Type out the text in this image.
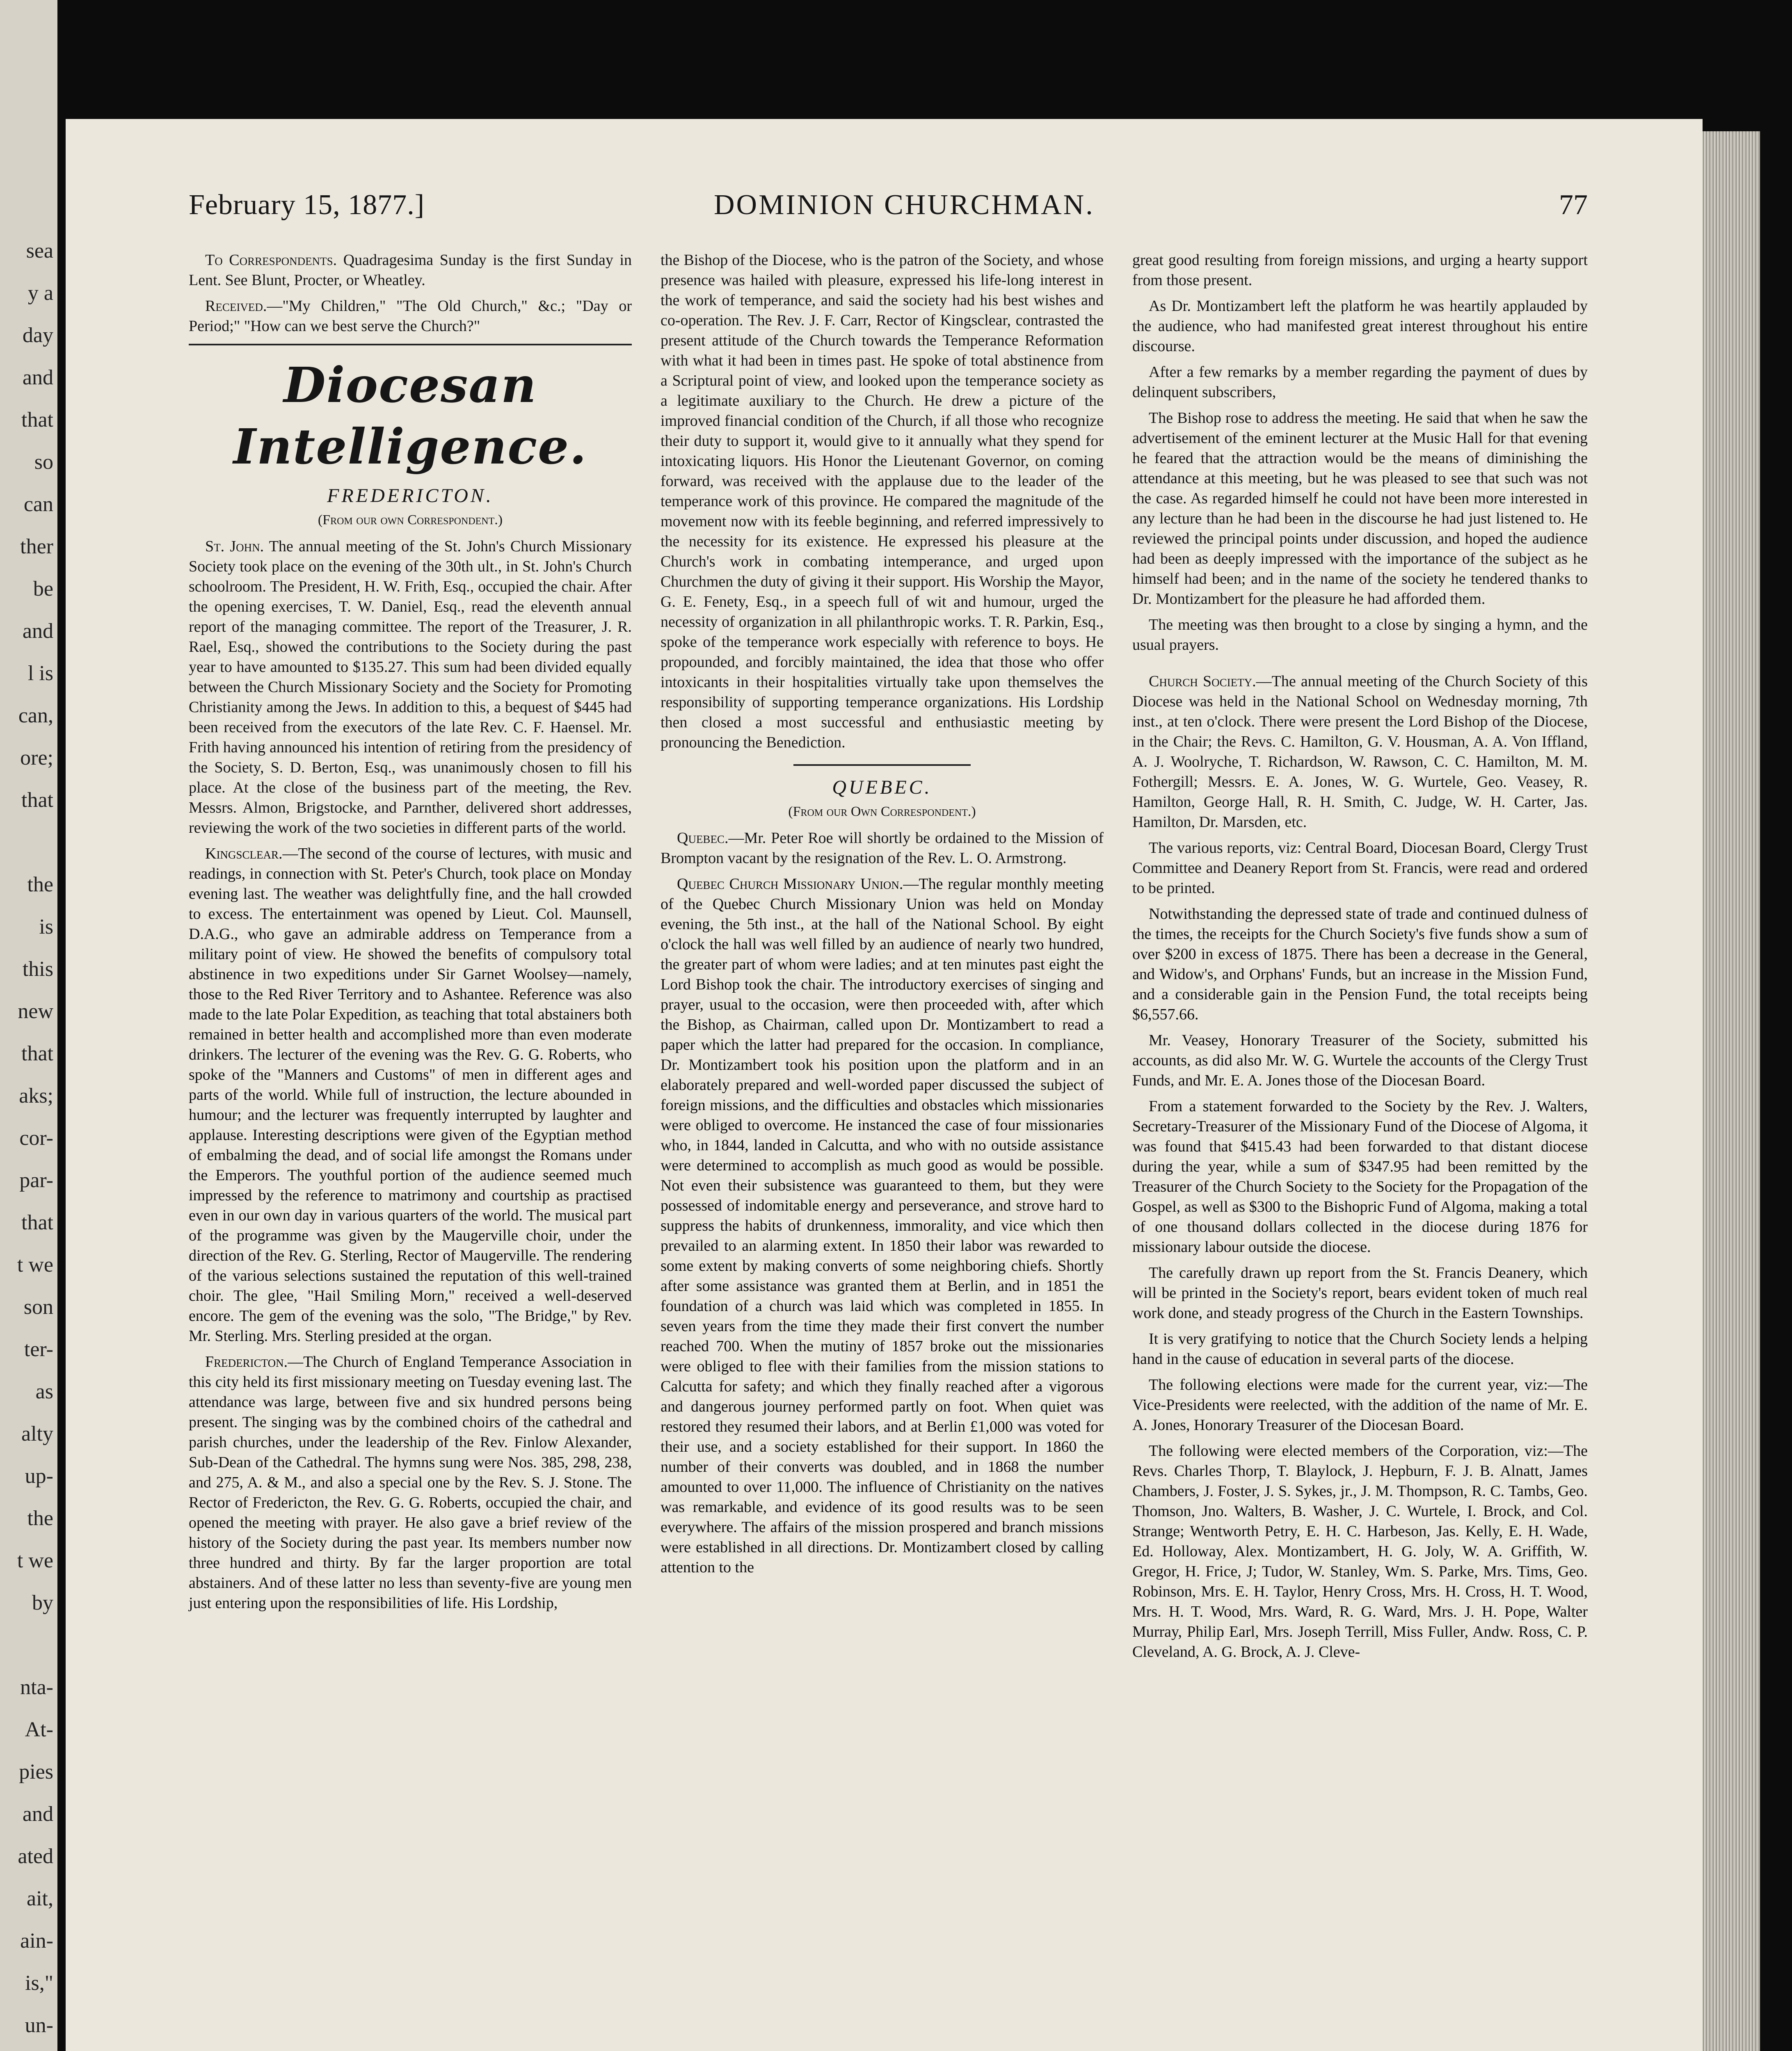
sea
y a
day
and
that
so
can
ther
be
and
l is
can,
ore;
that
the
is
this
new
that
aks;
cor-
par-
that
t we
son
ter-
as
alty
up-
the
t we
by
nta-
At-
pies
and
ated
ait,
ain-
is,"
un-
February 15, 1877.]	DOMINION CHURCHMAN.	77

To Correspondents. Quadragesima Sunday is the first Sunday in Lent. See Blunt, Procter, or Wheatley.

Received.—"My Children," "The Old Church," &c.; "Day or Period;" "How can we best serve the Church?"

Diocesan Intelligence.
FREDERICTON.
(From our own Correspondent.)

St. John. The annual meeting of the St. John's Church Missionary Society took place on the evening of the 30th ult., in St. John's Church schoolroom. The President, H. W. Frith, Esq., occupied the chair. After the opening exercises, T. W. Daniel, Esq., read the eleventh annual report of the managing committee. The report of the Treasurer, J. R. Rael, Esq., showed the contributions to the Society during the past year to have amounted to $135.27. This sum had been divided equally between the Church Missionary Society and the Society for Promoting Christianity among the Jews. In addition to this, a bequest of $445 had been received from the executors of the late Rev. C. F. Haensel. Mr. Frith having announced his intention of retiring from the presidency of the Society, S. D. Berton, Esq., was unanimously chosen to fill his place. At the close of the business part of the meeting, the Rev. Messrs. Almon, Brigstocke, and Parnther, delivered short addresses, reviewing the work of the two societies in different parts of the world.

Kingsclear.—The second of the course of lectures, with music and readings, in connection with St. Peter's Church, took place on Monday evening last. The weather was delightfully fine, and the hall crowded to excess. The entertainment was opened by Lieut. Col. Maunsell, D.A.G., who gave an admirable address on Temperance from a military point of view. He showed the benefits of compulsory total abstinence in two expeditions under Sir Garnet Woolsey—namely, those to the Red River Territory and to Ashantee. Reference was also made to the late Polar Expedition, as teaching that total abstainers both remained in better health and accomplished more than even moderate drinkers. The lecturer of the evening was the Rev. G. G. Roberts, who spoke of the "Manners and Customs" of men in different ages and parts of the world. While full of instruction, the lecture abounded in humour; and the lecturer was frequently interrupted by laughter and applause. Interesting descriptions were given of the Egyptian method of embalming the dead, and of social life amongst the Romans under the Emperors. The youthful portion of the audience seemed much impressed by the reference to matrimony and courtship as practised even in our own day in various quarters of the world. The musical part of the programme was given by the Maugerville choir, under the direction of the Rev. G. Sterling, Rector of Maugerville. The rendering of the various selections sustained the reputation of this well-trained choir. The glee, "Hail Smiling Morn," received a well-deserved encore. The gem of the evening was the solo, "The Bridge," by Rev. Mr. Sterling. Mrs. Sterling presided at the organ.

Fredericton.—The Church of England Temperance Association in this city held its first missionary meeting on Tuesday evening last. The attendance was large, between five and six hundred persons being present. The singing was by the combined choirs of the cathedral and parish churches, under the leadership of the Rev. Finlow Alexander, Sub-Dean of the Cathedral. The hymns sung were Nos. 385, 298, 238, and 275, A. & M., and also a special one by the Rev. S. J. Stone. The Rector of Fredericton, the Rev. G. G. Roberts, occupied the chair, and opened the meeting with prayer. He also gave a brief review of the history of the Society during the past year. Its members number now three hundred and thirty. By far the larger proportion are total abstainers. And of these latter no less than seventy-five are young men just entering upon the responsibilities of life. His Lordship,

the Bishop of the Diocese, who is the patron of the Society, and whose presence was hailed with pleasure, expressed his life-long interest in the work of temperance, and said the society had his best wishes and co-operation. The Rev. J. F. Carr, Rector of Kingsclear, contrasted the present attitude of the Church towards the Temperance Reformation with what it had been in times past. He spoke of total abstinence from a Scriptural point of view, and looked upon the temperance society as a legitimate auxiliary to the Church. He drew a picture of the improved financial condition of the Church, if all those who recognize their duty to support it, would give to it annually what they spend for intoxicating liquors. His Honor the Lieutenant Governor, on coming forward, was received with the applause due to the leader of the temperance work of this province. He compared the magnitude of the movement now with its feeble beginning, and referred impressively to the necessity for its existence. He expressed his pleasure at the Church's work in combating intemperance, and urged upon Churchmen the duty of giving it their support. His Worship the Mayor, G. E. Fenety, Esq., in a speech full of wit and humour, urged the necessity of organization in all philanthropic works. T. R. Parkin, Esq., spoke of the temperance work especially with reference to boys. He propounded, and forcibly maintained, the idea that those who offer intoxicants in their hospitalities virtually take upon themselves the responsibility of supporting temperance organizations. His Lordship then closed a most successful and enthusiastic meeting by pronouncing the Benediction.

QUEBEC.
(From our Own Correspondent.)

Quebec.—Mr. Peter Roe will shortly be ordained to the Mission of Brompton vacant by the resignation of the Rev. L. O. Armstrong.

Quebec Church Missionary Union.—The regular monthly meeting of the Quebec Church Missionary Union was held on Monday evening, the 5th inst., at the hall of the National School. By eight o'clock the hall was well filled by an audience of nearly two hundred, the greater part of whom were ladies; and at ten minutes past eight the Lord Bishop took the chair. The introductory exercises of singing and prayer, usual to the occasion, were then proceeded with, after which the Bishop, as Chairman, called upon Dr. Montizambert to read a paper which the latter had prepared for the occasion. In compliance, Dr. Montizambert took his position upon the platform and in an elaborately prepared and well-worded paper discussed the subject of foreign missions, and the difficulties and obstacles which missionaries were obliged to overcome. He instanced the case of four missionaries who, in 1844, landed in Calcutta, and who with no outside assistance were determined to accomplish as much good as would be possible. Not even their subsistence was guaranteed to them, but they were possessed of indomitable energy and perseverance, and strove hard to suppress the habits of drunkenness, immorality, and vice which then prevailed to an alarming extent. In 1850 their labor was rewarded to some extent by making converts of some neighboring chiefs. Shortly after some assistance was granted them at Berlin, and in 1851 the foundation of a church was laid which was completed in 1855. In seven years from the time they made their first convert the number reached 700. When the mutiny of 1857 broke out the missionaries were obliged to flee with their families from the mission stations to Calcutta for safety; and which they finally reached after a vigorous and dangerous journey performed partly on foot. When quiet was restored they resumed their labors, and at Berlin £1,000 was voted for their use, and a society established for their support. In 1860 the number of their converts was doubled, and in 1868 the number amounted to over 11,000. The influence of Christianity on the natives was remarkable, and evidence of its good results was to be seen everywhere. The affairs of the mission prospered and branch missions were established in all directions. Dr. Montizambert closed by calling attention to the

great good resulting from foreign missions, and urging a hearty support from those present.

As Dr. Montizambert left the platform he was heartily applauded by the audience, who had manifested great interest throughout his entire discourse.

After a few remarks by a member regarding the payment of dues by delinquent subscribers,

The Bishop rose to address the meeting. He said that when he saw the advertisement of the eminent lecturer at the Music Hall for that evening he feared that the attraction would be the means of diminishing the attendance at this meeting, but he was pleased to see that such was not the case. As regarded himself he could not have been more interested in any lecture than he had been in the discourse he had just listened to. He reviewed the principal points under discussion, and hoped the audience had been as deeply impressed with the importance of the subject as he himself had been; and in the name of the society he tendered thanks to Dr. Montizambert for the pleasure he had afforded them.

The meeting was then brought to a close by singing a hymn, and the usual prayers.

Church Society.—The annual meeting of the Church Society of this Diocese was held in the National School on Wednesday morning, 7th inst., at ten o'clock. There were present the Lord Bishop of the Diocese, in the Chair; the Revs. C. Hamilton, G. V. Housman, A. A. Von Iffland, A. J. Woolryche, T. Richardson, W. Rawson, C. C. Hamilton, M. M. Fothergill; Messrs. E. A. Jones, W. G. Wurtele, Geo. Veasey, R. Hamilton, George Hall, R. H. Smith, C. Judge, W. H. Carter, Jas. Hamilton, Dr. Marsden, etc.

The various reports, viz: Central Board, Diocesan Board, Clergy Trust Committee and Deanery Report from St. Francis, were read and ordered to be printed.

Notwithstanding the depressed state of trade and continued dulness of the times, the receipts for the Church Society's five funds show a sum of over $200 in excess of 1875. There has been a decrease in the General, and Widow's, and Orphans' Funds, but an increase in the Mission Fund, and a considerable gain in the Pension Fund, the total receipts being $6,557.66.

Mr. Veasey, Honorary Treasurer of the Society, submitted his accounts, as did also Mr. W. G. Wurtele the accounts of the Clergy Trust Funds, and Mr. E. A. Jones those of the Diocesan Board.

From a statement forwarded to the Society by the Rev. J. Walters, Secretary-Treasurer of the Missionary Fund of the Diocese of Algoma, it was found that $415.43 had been forwarded to that distant diocese during the year, while a sum of $347.95 had been remitted by the Treasurer of the Church Society to the Society for the Propagation of the Gospel, as well as $300 to the Bishopric Fund of Algoma, making a total of one thousand dollars collected in the diocese during 1876 for missionary labour outside the diocese.

The carefully drawn up report from the St. Francis Deanery, which will be printed in the Society's report, bears evident token of much real work done, and steady progress of the Church in the Eastern Townships.

It is very gratifying to notice that the Church Society lends a helping hand in the cause of education in several parts of the diocese.

The following elections were made for the current year, viz:—The Vice-Presidents were reelected, with the addition of the name of Mr. E. A. Jones, Honorary Treasurer of the Diocesan Board.

The following were elected members of the Corporation, viz:—The Revs. Charles Thorp, T. Blaylock, J. Hepburn, F. J. B. Alnatt, James Chambers, J. Foster, J. S. Sykes, jr., J. M. Thompson, R. C. Tambs, Geo. Thomson, Jno. Walters, B. Washer, J. C. Wurtele, I. Brock, and Col. Strange; Wentworth Petry, E. H. C. Harbeson, Jas. Kelly, E. H. Wade, Ed. Holloway, Alex. Montizambert, H. G. Joly, W. A. Griffith, W. Gregor, H. Frice, J; Tudor, W. Stanley, Wm. S. Parke, Mrs. Tims, Geo. Robinson, Mrs. E. H. Taylor, Henry Cross, Mrs. H. Cross, H. T. Wood, Mrs. H. T. Wood, Mrs. Ward, R. G. Ward, Mrs. J. H. Pope, Walter Murray, Philip Earl, Mrs. Joseph Terrill, Miss Fuller, Andw. Ross, C. P. Cleveland, A. G. Brock, A. J. Cleve-
